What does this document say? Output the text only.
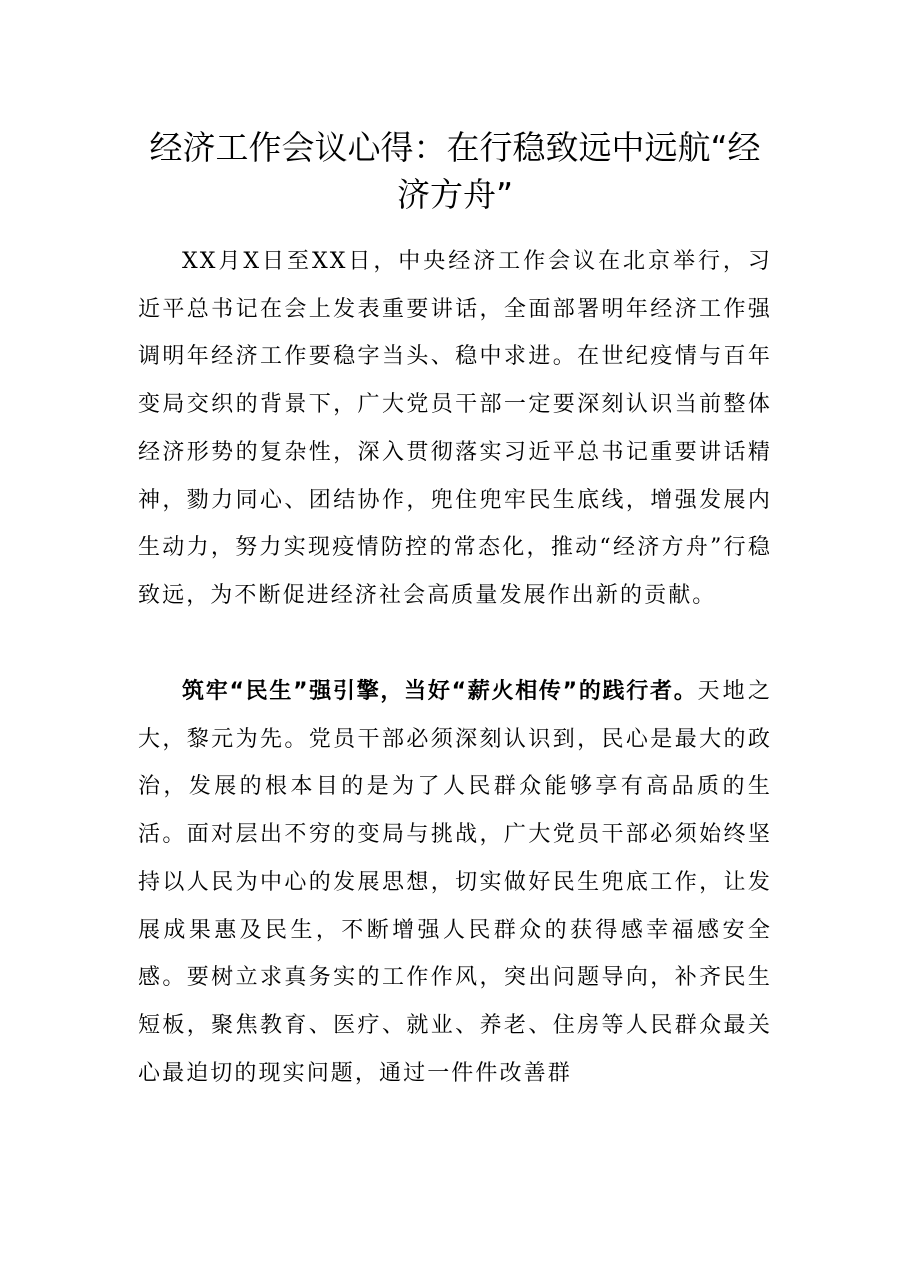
经济工作会议心得：在行稳致远中远航“经济方舟”

XX月X日至XX日，中央经济工作会议在北京举行，习近平总书记在会上发表重要讲话，全面部署明年经济工作强调明年经济工作要稳字当头、稳中求进。在世纪疫情与百年变局交织的背景下，广大党员干部一定要深刻认识当前整体经济形势的复杂性，深入贯彻落实习近平总书记重要讲话精神，勠力同心、团结协作，兜住兜牢民生底线，增强发展内生动力，努力实现疫情防控的常态化，推动“经济方舟”行稳致远，为不断促进经济社会高质量发展作出新的贡献。

筑牢“民生”强引擎，当好“薪火相传”的践行者。天地之大，黎元为先。党员干部必须深刻认识到，民心是最大的政治，发展的根本目的是为了人民群众能够享有高品质的生活。面对层出不穷的变局与挑战，广大党员干部必须始终坚持以人民为中心的发展思想，切实做好民生兜底工作，让发展成果惠及民生，不断增强人民群众的获得感幸福感安全感。要树立求真务实的工作作风，突出问题导向，补齐民生短板，聚焦教育、医疗、就业、养老、住房等人民群众最关心最迫切的现实问题，通过一件件改善群
